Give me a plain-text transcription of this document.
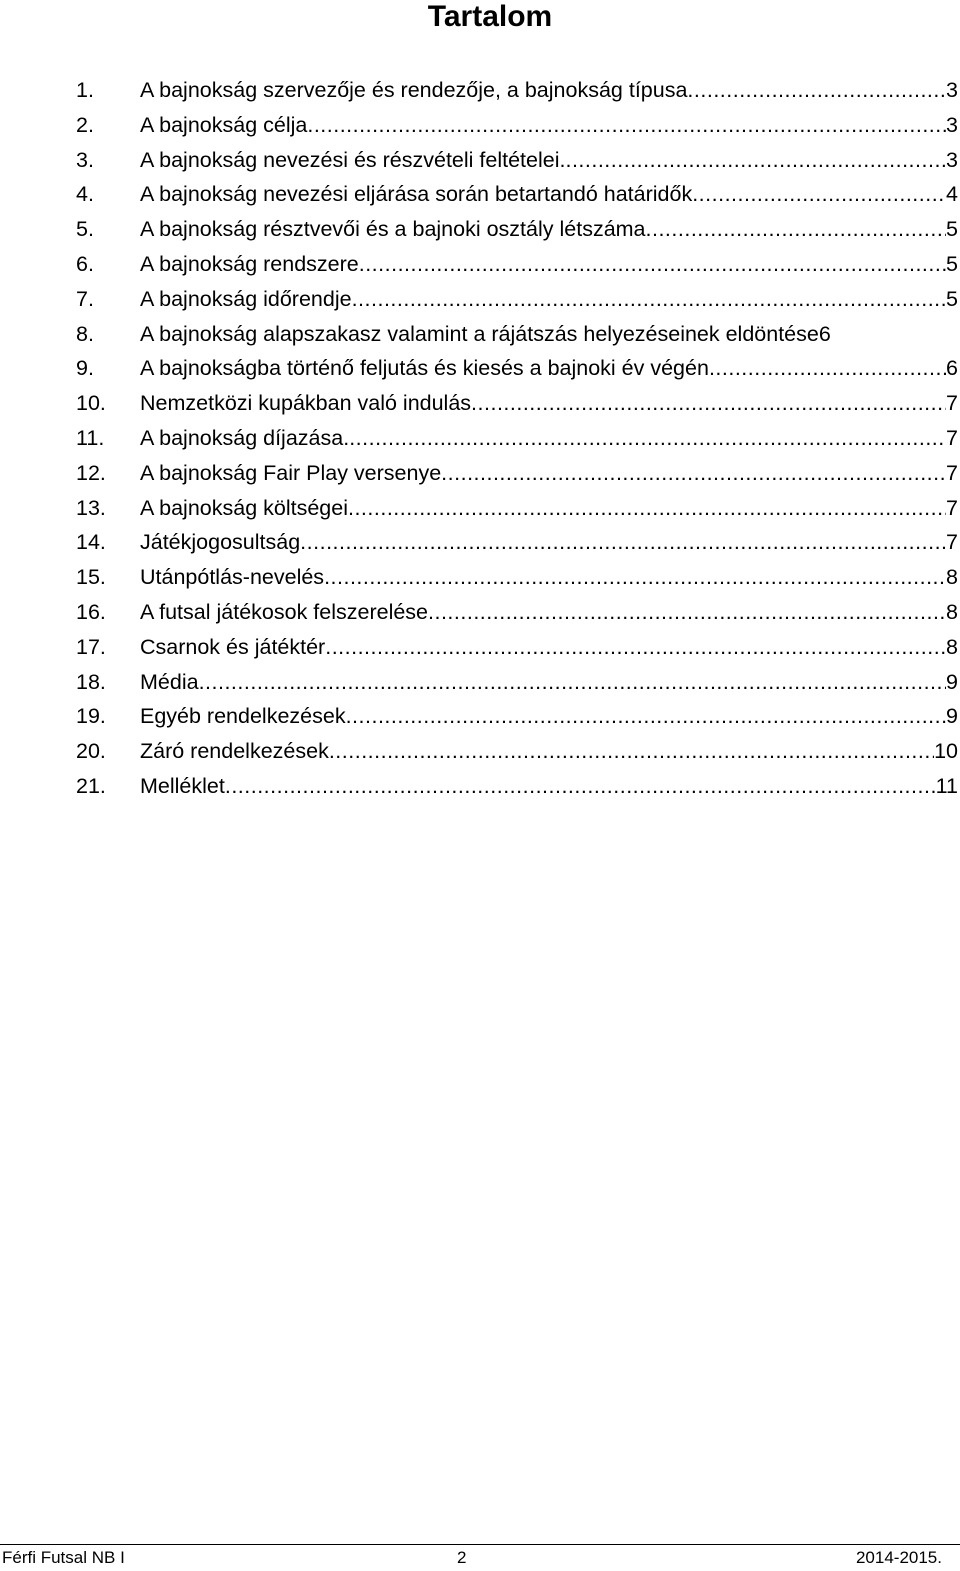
Tartalom
1.	A bajnokság szervezője és rendezője, a bajnokság típusa .....	3
2.	A bajnokság célja .....	3
3.	A bajnokság nevezési és részvételi feltételei. .....	3
4.	A bajnokság nevezési eljárása során betartandó határidők .....	4
5.	A bajnokság résztvevői és a bajnoki osztály létszáma .....	5
6.	A bajnokság rendszere .....	5
7.	A bajnokság időrendje .....	5
8.	A bajnokság alapszakasz valamint a rájátszás helyezéseinek eldöntése 6
9.	A bajnokságba történő feljutás és kiesés a bajnoki év végén .....	6
10.	Nemzetközi kupákban való indulás .....	7
11.	A bajnokság díjazása. .....	7
12.	A bajnokság Fair Play versenye .....	7
13.	A bajnokság költségei .....	7
14.	Játékjogosultság .....	7
15.	Utánpótlás-nevelés .....	8
16.	A futsal játékosok felszerelése .....	8
17.	Csarnok és játéktér .....	8
18.	Média .....	9
19.	Egyéb rendelkezések .....	9
20.	Záró rendelkezések .....	10
21.	Melléklet .....	11
Férfi Futsal NB I	2	2014-2015.
